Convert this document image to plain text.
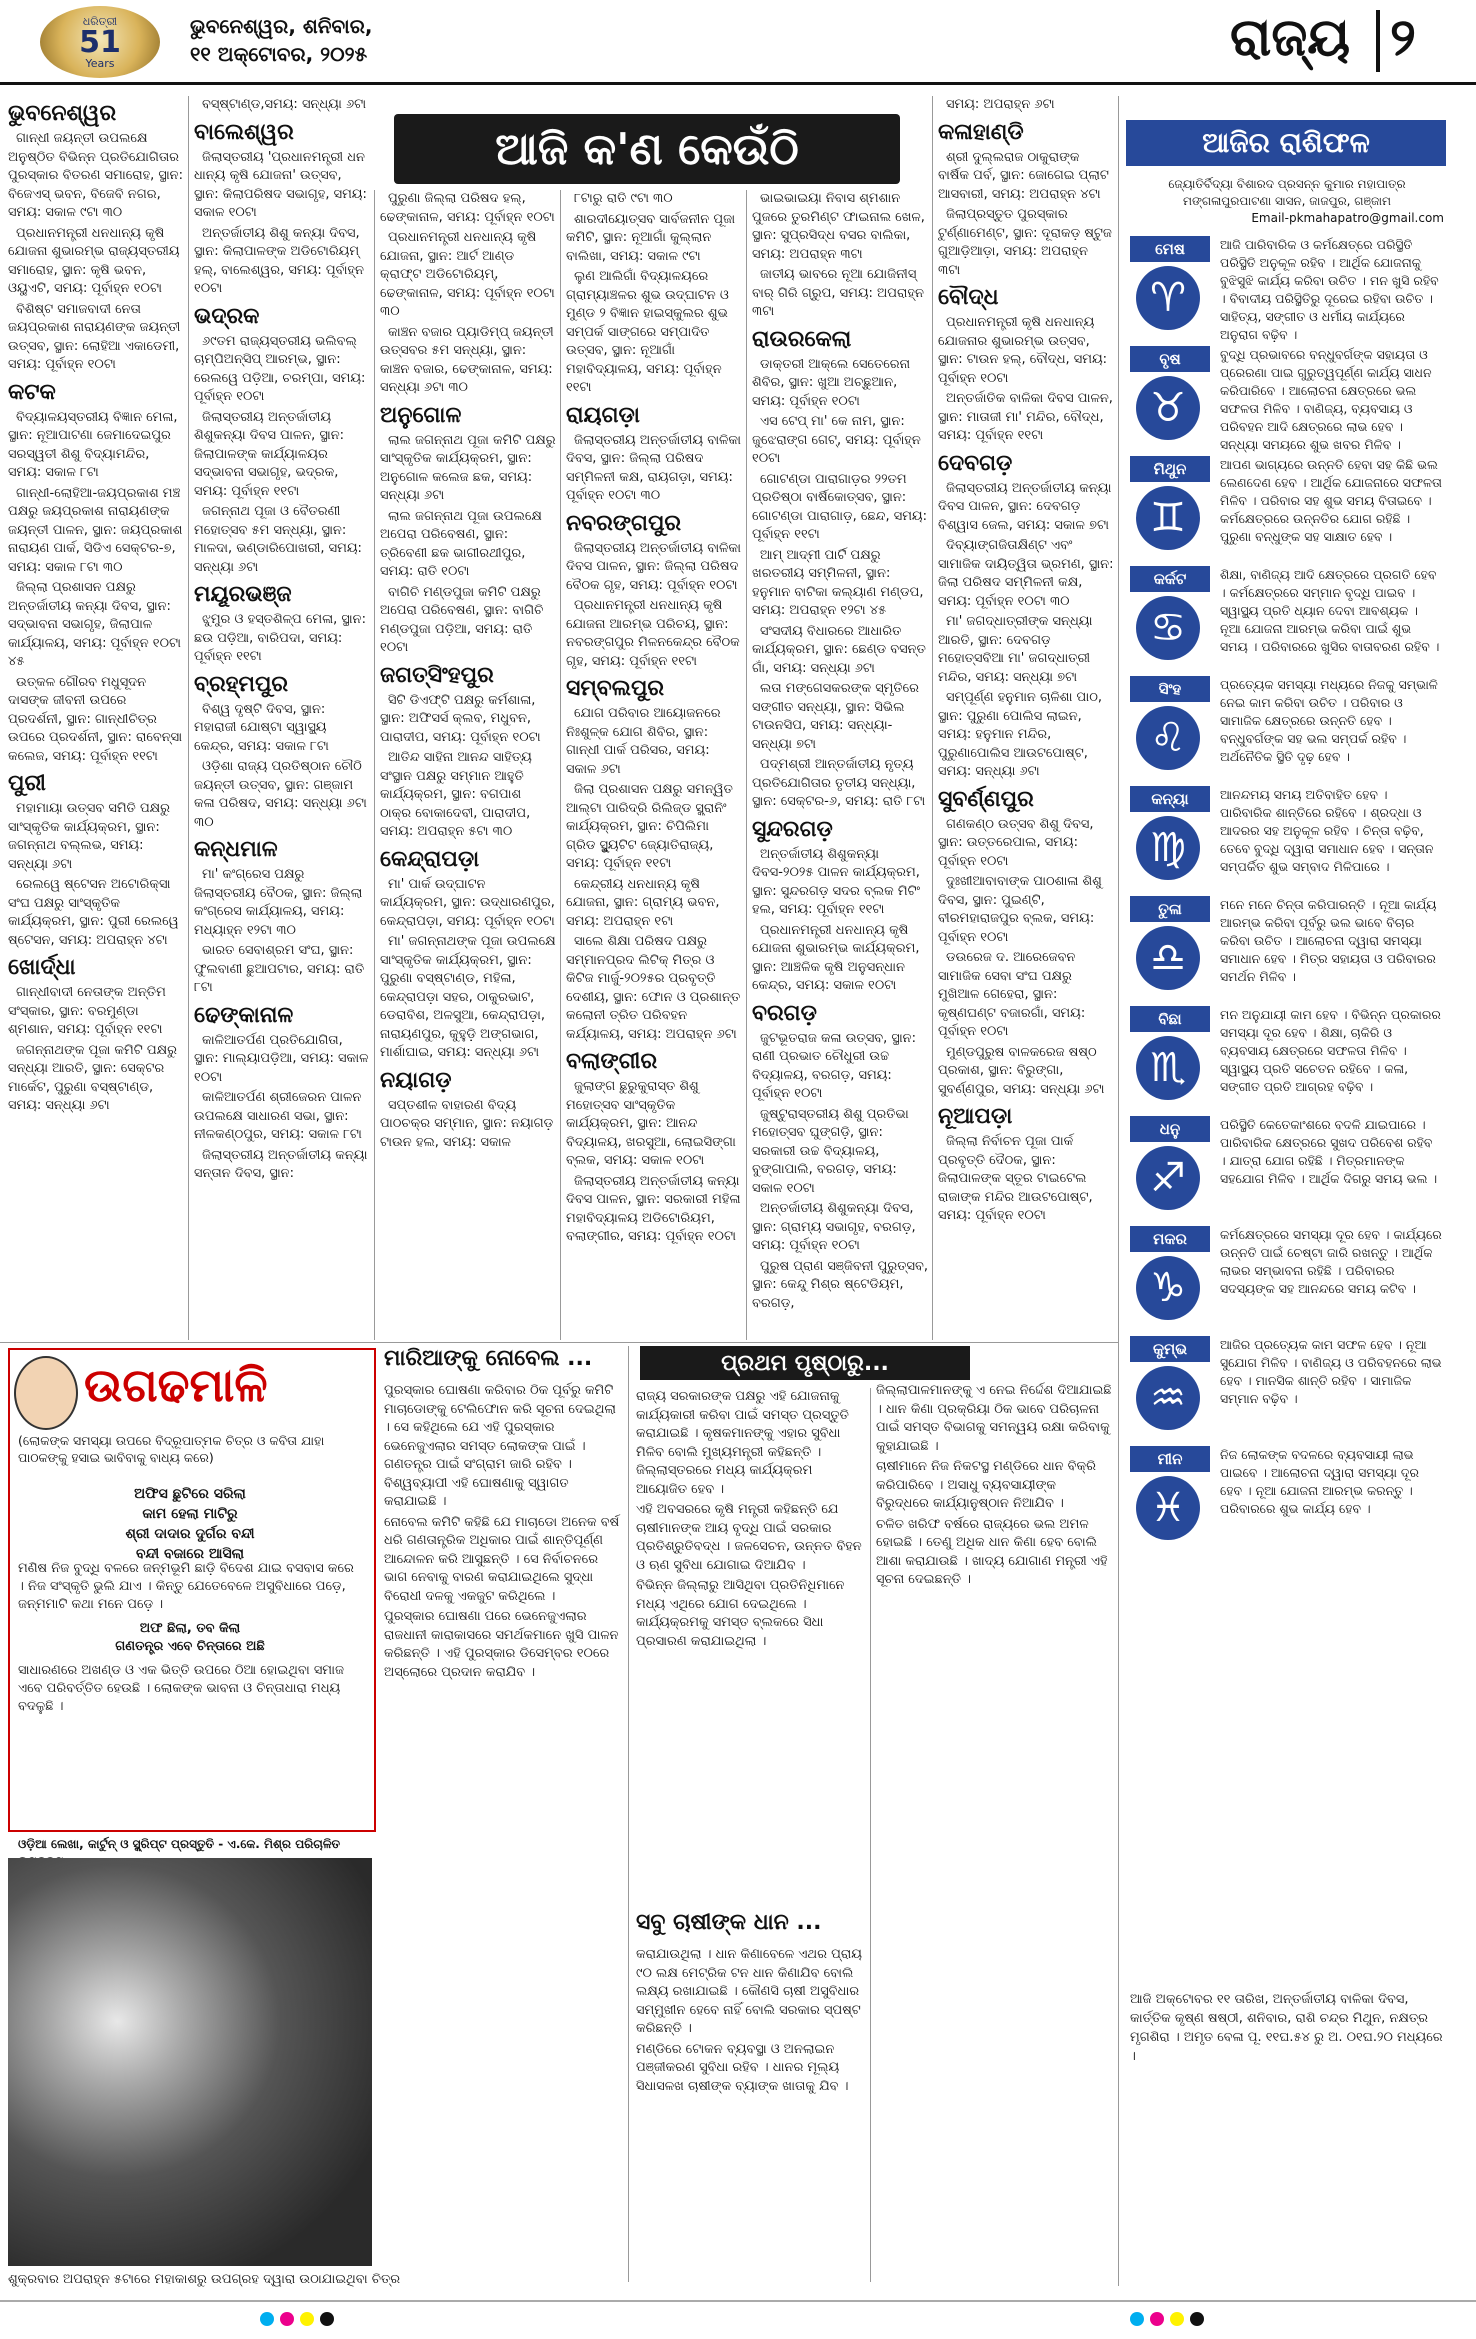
ଧରିତ୍ରୀ
51
Years
ଭୁବନେଶ୍ୱର, ଶନିବାର,
୧୧ ଅକ୍ଟୋବର, ୨୦୨୫	ରାଜ୍ୟ ୨
ଆଜି କ'ଣ କେଉଁଠି
ଭୁବନେଶ୍ୱର

ଗାନ୍ଧୀ ଜୟନ୍ତୀ ଉପଲକ୍ଷେ ଅନୁଷ୍ଠିତ ବିଭିନ୍ନ ପ୍ରତିଯୋଗିତାର ପୁରସ୍କାର ବିତରଣ ସମାରୋହ, ସ୍ଥାନ: ବିଜେଏସ୍ ଭବନ, ବିଜେବି ନଗର, ସମୟ: ସକାଳ ୯ଟା ୩୦

ପ୍ରଧାନମନ୍ତ୍ରୀ ଧନଧାନ୍ୟ କୃଷି ଯୋଜନା ଶୁଭାରମ୍ଭ ରାଜ୍ୟସ୍ତରୀୟ ସମାରୋହ, ସ୍ଥାନ: କୃଷି ଭବନ, ଓୟୁଏଟି, ସମୟ: ପୂର୍ବାହ୍ନ ୧୦ଟା

ବିଶିଷ୍ଟ ସମାଜବାଦୀ ନେତା ଜୟପ୍ରକାଶ ନାରାୟଣଙ୍କ ଜୟନ୍ତୀ ଉତ୍ସବ, ସ୍ଥାନ: ଲୋହିଆ ଏକାଡେମୀ, ସମୟ: ପୂର୍ବାହ୍ନ ୧୦ଟା

କଟକ

ବିଦ୍ୟାଳୟସ୍ତରୀୟ ବିଜ୍ଞାନ ମେଳା, ସ୍ଥାନ: ନୂଆପାଟଣା ଜେମାଦେଇପୁର ସରସ୍ୱତୀ ଶିଶୁ ବିଦ୍ୟାମନ୍ଦିର, ସମୟ: ସକାଳ ୮ଟା

ଗାନ୍ଧୀ-ଲୋହିଆ-ଜୟପ୍ରକାଶ ମଞ୍ଚ ପକ୍ଷରୁ ଜୟପ୍ରକାଶ ନାରାୟଣଙ୍କ ଜୟନ୍ତୀ ପାଳନ, ସ୍ଥାନ: ଜୟପ୍ରକାଶ ନାରାୟଣ ପାର୍କ, ସିଡିଏ ସେକ୍ଟର-୭, ସମୟ: ସକାଳ ୮ଟା ୩୦

ଜିଲ୍ଲା ପ୍ରଶାସନ ପକ୍ଷରୁ ଅନ୍ତର୍ଜାତୀୟ କନ୍ୟା ଦିବସ, ସ୍ଥାନ: ସଦ୍ଭାବନା ସଭାଗୃହ, ଜିଲାପାଳ କାର୍ଯ୍ୟାଳୟ, ସମୟ: ପୂର୍ବାହ୍ନ ୧୦ଟା ୪୫

ଉତ୍କଳ ଗୌରବ ମଧୁସୂଦନ ଦାସଙ୍କ ଜୀବନୀ ଉପରେ ପ୍ରଦର୍ଶନୀ, ସ୍ଥାନ: ଗାନ୍ଧୀଚିତ୍ର ଉପରେ ପ୍ରଦର୍ଶନୀ, ସ୍ଥାନ: ରାବେନ୍ସା କଲେଜ, ସମୟ: ପୂର୍ବାହ୍ନ ୧୧ଟା

ପୁରୀ

ମହାମାୟା ଉତ୍ସବ ସମିତି ପକ୍ଷରୁ ସାଂସ୍କୃତିକ କାର୍ଯ୍ୟକ୍ରମ, ସ୍ଥାନ: ଜଗନ୍ନାଥ ବଲ୍ଲଭ, ସମୟ: ସନ୍ଧ୍ୟା ୬ଟା

ରେଲୱେ ଷ୍ଟେସନ ଅଟୋରିକ୍ସା ସଂଘ ପକ୍ଷରୁ ସାଂସ୍କୃତିକ କାର୍ଯ୍ୟକ୍ରମ, ସ୍ଥାନ: ପୁରୀ ରେଲୱେ ଷ୍ଟେସନ, ସମୟ: ଅପରାହ୍ନ ୪ଟା

ଖୋର୍ଦ୍ଧା

ଗାନ୍ଧୀବାଦୀ ନେତାଙ୍କ ଅନ୍ତିମ ସଂସ୍କାର, ସ୍ଥାନ: ବରମୁଣ୍ଡା ଶ୍ମଶାନ, ସମୟ: ପୂର୍ବାହ୍ନ ୧୧ଟା

ଜଗନ୍ନାଥଙ୍କ ପୂଜା କମିଟି ପକ୍ଷରୁ ସନ୍ଧ୍ୟା ଆରତି, ସ୍ଥାନ: ସେକ୍ଟର ମାର୍କେଟ, ପୁରୁଣା ବସ୍‌ଷ୍ଟାଣ୍ଡ, ସମୟ: ସନ୍ଧ୍ୟା ୬ଟା

ବସ୍‌ଷ୍ଟାଣ୍ଡ,ସମୟ: ସନ୍ଧ୍ୟା ୬ଟା

ବାଲେଶ୍ୱର

ଜିଲାସ୍ତରୀୟ 'ପ୍ରଧାନମନ୍ତ୍ରୀ ଧନ ଧାନ୍ୟ କୃଷି ଯୋଜନା' ଉତ୍ସବ, ସ୍ଥାନ: କିଲାପରିଷଦ ସଭାଗୃହ, ସମୟ: ସକାଳ ୧୦ଟା

ଅନ୍ତର୍ଜାତୀୟ ଶିଶୁ କନ୍ୟା ଦିବସ, ସ୍ଥାନ: କିଲାପାଳଙ୍କ ଅଡିଟୋରିୟମ୍ ହଲ୍, ବାଲେଶ୍ୱର, ସମୟ: ପୂର୍ବାହ୍ନ ୧୦ଟା

ଭଦ୍ରକ

୬୯ତମ ରାଜ୍ୟସ୍ତରୀୟ ଭଲିବଲ୍ ଚାମ୍ପିଅନ୍‌ସିପ୍ ଆରମ୍ଭ, ସ୍ଥାନ: ରେଲୱେ ପଡ଼ିଆ, ଚରମ୍ପା, ସମୟ: ପୂର୍ବାହ୍ନ ୧୦ଟା

ଜିଲାସ୍ତରୀୟ ଅନ୍ତର୍ଜାତୀୟ ଶିଶୁକନ୍ୟା ଦିବସ ପାଳନ, ସ୍ଥାନ: ଜିଲାପାଳଙ୍କ କାର୍ଯ୍ୟାଳୟର ସଦ୍ଭାବନା ସଭାଗୃହ, ଭଦ୍ରକ, ସମୟ: ପୂର୍ବାହ୍ନ ୧୧ଟା

ଜଗନ୍ନାଥ ପୂଜା ଓ ବୈତରଣୀ ମହୋତ୍ସବ ୫ମ ସନ୍ଧ୍ୟା, ସ୍ଥାନ: ମାଳଦା, ଭଣ୍ଡାରିପୋଖରୀ, ସମୟ: ସନ୍ଧ୍ୟା ୬ଟା

ମୟୂରଭଞ୍ଜ

ଝୁମୁର ଓ ହସ୍ତଶିଳ୍ପ ମେଳା, ସ୍ଥାନ: ଛଉ ପଡ଼ିଆ, ବାରିପଦା, ସମୟ: ପୂର୍ବାହ୍ନ ୧୧ଟା

ବ୍ରହ୍ମପୁର

ବିଶ୍ୱ ଦୃଷ୍ଟି ଦିବସ, ସ୍ଥାନ: ମହାରାଜୀ ଯୋଷ୍ଟା ସ୍ୱାସ୍ଥ୍ୟ କେନ୍ଦ୍ର, ସମୟ: ସକାଳ ୮ଟା

ଓଡ଼ିଶା ରାଜ୍ୟ ପ୍ରତିଷ୍ଠାନ ଚୌଠି ଜୟନ୍ତୀ ଉତ୍ସବ, ସ୍ଥାନ: ଗଞ୍ଜାମ କଳା ପରିଷଦ, ସମୟ: ସନ୍ଧ୍ୟା ୬ଟା ୩୦

କନ୍ଧମାଳ

ମା' କଂଗ୍ରେସ ପକ୍ଷରୁ ଜିଲାସ୍ତରୀୟ ବୈଠକ, ସ୍ଥାନ: ଜିଲ୍ଲା କଂଗ୍ରେସ କାର୍ଯ୍ୟାଳୟ, ସମୟ: ମଧ୍ୟାହ୍ନ ୧୨ଟା ୩୦

ଭାରତ ସେବାଶ୍ରମ ସଂଘ, ସ୍ଥାନ: ଫୁଲବାଣୀ ଛୁଆପଟାର, ସମୟ: ରାତି ୮ଟା

ଢେଙ୍କାନାଳ

କାଳିଆତର୍ପଣ ପ୍ରତିଯୋଗିତା, ସ୍ଥାନ: ମାଲ୍ୟାପଡ଼ିଆ, ସମୟ: ସକାଳ ୧୦ଟା

କାଳିଆତର୍ପଣ ଶ୍ରୀଜେରନ ପାଳନ ଉପଲକ୍ଷେ ସାଧାରଣ ସଭା, ସ୍ଥାନ: ନୀଳକଣ୍ଠପୁର, ସମୟ: ସକାଳ ୮ଟା

ଜିଲାସ୍ତରୀୟ ଅନ୍ତର୍ଜାତୀୟ କନ୍ୟା ସନ୍ତାନ ଦିବସ, ସ୍ଥାନ:

ପୁରୁଣା ଜିଲ୍ଲା ପରିଷଦ ହଲ୍, ଢେଙ୍କାନାଳ, ସମୟ: ପୂର୍ବାହ୍ନ ୧୦ଟା

ପ୍ରଧାନମନ୍ତ୍ରୀ ଧନଧାନ୍ୟ କୃଷି ଯୋଜନା, ସ୍ଥାନ: ଆର୍ଟ ଆଣ୍ଡ କ୍ରାଫ୍ଟ ଅଡିଟୋରିୟମ୍, ଢେଙ୍କାନାଳ, ସମୟ: ପୂର୍ବାହ୍ନ ୧୦ଟା ୩୦

କାଞ୍ଚନ ବଜାର ପ୍ୟାଡିମ୍ପ୍ ଜୟନ୍ତୀ ଉତ୍ସବର ୫ମ ସନ୍ଧ୍ୟା, ସ୍ଥାନ: କାଞ୍ଚନ ବଜାର, ଢେଙ୍କାନାଳ, ସମୟ: ସନ୍ଧ୍ୟା ୬ଟା ୩୦

ଅନୁଗୋଳ

ଲାଲ ଜଗନ୍ନାଥ ପୂଜା କମିଟି ପକ୍ଷରୁ ସାଂସ୍କୃତିକ କାର୍ଯ୍ୟକ୍ରମ, ସ୍ଥାନ: ଅନୁଗୋଳ କଲେଜ ଛକ, ସମୟ: ସନ୍ଧ୍ୟା ୬ଟା

ଲାଲ ଜଗନ୍ନାଥ ପୂଜା ଉପଲକ୍ଷେ ଅପେରା ପରିବେଷଣ, ସ୍ଥାନ: ତ୍ରିବେଣୀ ଛକ ଭାଗୀରଥୀପୁର, ସମୟ: ରାତି ୧୦ଟା

ବାଗିଚି ମଣ୍ଡପୁଜା କମିଟି ପକ୍ଷରୁ ଅପେରା ପରିବେଷଣ, ସ୍ଥାନ: ବାଗିଚି ମଣ୍ଡପୁଜା ପଡ଼ିଆ, ସମୟ: ରାତି ୧୦ଟା

ଜଗତ୍‌ସିଂହପୁର

ସିଟି ଡିଏଫ୍ଟି ପକ୍ଷରୁ କର୍ମଶାଳା, ସ୍ଥାନ: ଅଫିସର୍ସ କ୍ଲବ, ମଧୁବନ, ପାରାଦୀପ, ସମୟ: ପୂର୍ବାହ୍ନ ୧୦ଟା

ଆତିନ୍ଦ ସାହିନା ଆନନ୍ଦ ସାହିତ୍ୟ ସଂସ୍ଥାନ ପକ୍ଷରୁ ସମ୍ମାନ ଆହୁତି କାର୍ଯ୍ୟକ୍ରମ, ସ୍ଥାନ: ବଗପାଶ ଠାକ୍ର ବୋକାଦେବୀ, ପାରାଦୀପ, ସମୟ: ଅପରାହ୍ନ ୫ଟା ୩୦

କେନ୍ଦ୍ରାପଡ଼ା

ମା' ପାର୍କ ଉଦ୍‌ଘାଟନ କାର୍ଯ୍ୟକ୍ରମ, ସ୍ଥାନ: ଉଦ୍ଧାରଣପୁର, କେନ୍ଦ୍ରାପଡ଼ା, ସମୟ: ପୂର୍ବାହ୍ନ ୧୦ଟା

ମା' ଜଗନ୍ନାଥଙ୍କ ପୂଜା ଉପଲକ୍ଷେ ସାଂସ୍କୃତିକ କାର୍ଯ୍ୟକ୍ରମ, ସ୍ଥାନ: ପୁରୁଣା ବସ୍‌ଷ୍ଟାଣ୍ଡ, ମହିଳା, କେନ୍ଦ୍ରାପଡ଼ା ସହର, ଠାକୁରଭାଟ, ଡେରାବିଶ, ଅଳସୁଆ, କେନ୍ଦ୍ରାପଡ଼ା, ନାରାୟଣପୁର, କୁହୁଡ଼ି ଅଙ୍ଗଭାଗ, ମାର୍ଶାଘାଇ, ସମୟ: ସନ୍ଧ୍ୟା ୬ଟା

ନୟାଗଡ଼

ସପ୍ତଶୀଳ ବାହାରଣ ବିଦ୍ୟ ପାଠଚକ୍ର ସମ୍ମାନ, ସ୍ଥାନ: ନୟାଗଡ଼ ଟାଉନ ହଲ, ସମୟ: ସକାଳ

୮ଟାରୁ ରାତି ୯ଟା ୩୦

ଶାରଦୀୟୋତ୍ସବ ସାର୍ବଜନୀନ ପୂଜା କମିଟି, ସ୍ଥାନ: ନୂଆଗାଁ କୁଲ୍ଲାନ ବାଲିଖା, ସମୟ: ସକାଳ ୯ଟା

ଲୁଣ ଆଲିଗାଁ ବିଦ୍ୟାଳୟରେ ଗ୍ରାମ୍ୟାଞ୍ଚଳର ଶୁଭ ଉଦ୍‌ଘାଟନ ଓ ମୁଣ୍ଡ ୨ ବିଜ୍ଞାନ ହାଇସ୍କୁଲର ଶୁଭ ସମ୍ପର୍କ ସାଙ୍ଗରେ ସମ୍ପାଦିତ ଉତ୍ସବ, ସ୍ଥାନ: ନୂଆଗାଁ ମହାବିଦ୍ୟାଳୟ, ସମୟ: ପୂର୍ବାହ୍ନ ୧୧ଟା

ରାୟଗଡ଼ା

ଜିଲାସ୍ତରୀୟ ଅନ୍ତର୍ଜାତୀୟ ବାଳିକା ଦିବସ, ସ୍ଥାନ: ଜିଲ୍ଲା ପରିଷଦ ସମ୍ମିଳନୀ କକ୍ଷ, ରାୟଗଡ଼ା, ସମୟ: ପୂର୍ବାହ୍ନ ୧୦ଟା ୩୦

ନବରଙ୍ଗପୁର

ଜିଲାସ୍ତରୀୟ ଅନ୍ତର୍ଜାତୀୟ ବାଳିକା ଦିବସ ପାଳନ, ସ୍ଥାନ: ଜିଲ୍ଲା ପରିଷଦ ବୈଠକ ଗୃହ, ସମୟ: ପୂର୍ବାହ୍ନ ୧୦ଟା

ପ୍ରଧାନମନ୍ତ୍ରୀ ଧନଧାନ୍ୟ କୃଷି ଯୋଜନା ଆରମ୍ଭ ପରିଚୟ, ସ୍ଥାନ: ନବରଙ୍ଗପୁର ମିଳନକେନ୍ଦ୍ର ବୈଠକ ଗୃହ, ସମୟ: ପୂର୍ବାହ୍ନ ୧୧ଟା

ସମ୍ବଲପୁର

ଯୋଗ ପରିବାର ଆୟୋଜନରେ ନିଃଶୁଳ୍କ ଯୋଗ ଶିବିର, ସ୍ଥାନ: ଗାନ୍ଧୀ ପାର୍କ ପରିସର, ସମୟ: ସକାଳ ୬ଟା

ଜିଲା ପ୍ରଶାସନ ପକ୍ଷରୁ ସମନ୍ୱିତ ଆଲ୍‌ଟା ପାରିଦ୍ରି ରିଲିଜ୍ଡ ସ୍କ୍ରାନିଂ କାର୍ଯ୍ୟକ୍ରମ, ସ୍ଥାନ: ଚିପିଲିମା ଗ୍ରିଡ ସ୍ଥ୍ୟୁଟିଟ ଜ୍ୟୋତିରାଜ୍ୟ, ସମୟ: ପୂର୍ବାହ୍ନ ୧୧ଟା

କେନ୍ଦ୍ରୀୟ ଧନଧାନ୍ୟ କୃଷି ଯୋଜନା, ସ୍ଥାନ: ଗ୍ରାମ୍ୟ ଭବନ, ସମୟ: ଅପରାହ୍ନ ୧ଟା

ସାଲେ ଶିକ୍ଷା ପରିଷଦ ପକ୍ଷରୁ ସମ୍ମାନପ୍ରଦ ଲିଟିକ୍ ମିତ୍ର ଓ କିଟିଜ ମାର୍ଜୁ-୨୦୨୫ର ପ୍ରବୃତ୍ତି ଦେଶୀୟ, ସ୍ଥାନ: ଫୋନ ଓ ପ୍ରଶାନ୍ତ କଲୋନୀ ତ୍ରିତ ପରିବହନ କର୍ଯ୍ୟାଳୟ, ସମୟ: ଅପରାହ୍ନ ୬ଟା

ବଲାଙ୍ଗୀର

ଜୁଲାଙ୍ଗ ଛୁରୁକୁରାସ୍ତ ଶିଶୁ ମହୋତ୍ସବ ସାଂସ୍କୃତିକ କାର୍ଯ୍ୟକ୍ରମ, ସ୍ଥାନ: ଆନନ୍ଦ ବିଦ୍ୟାଳୟ, ଖରସୁଆ, ଲୋଇସିଙ୍ଗା ବ୍ଲକ, ସମୟ: ସକାଳ ୧୦ଟା

ଜିଲାସ୍ତରୀୟ ଅନ୍ତର୍ଜାତୀୟ କନ୍ୟା ଦିବସ ପାଳନ, ସ୍ଥାନ: ସରକାରୀ ମହିଳା ମହାବିଦ୍ୟାଳୟ ଅଡିଟୋରିୟମ, ବଲାଙ୍ଗୀର, ସମୟ: ପୂର୍ବାହ୍ନ ୧୦ଟା

ଭାଇଭାଇୟା ନିବାସ ଶ୍ମଶାନ ପୁଜରେ ତୁରମିଣ୍ଟ ଫାଇନାଲ ଖେଳ, ସ୍ଥାନ: ସୁପ୍ରସିଦ୍ଧ ବସର ବାଲିକା, ସମୟ: ଅପରାହ୍ନ ୩ଟା

ଜାତୀୟ ଭାବରେ ନୂଆ ଯୋଜିନୀସ୍ ବାର୍ ଗିରି ଗ୍ରୁପ, ସମୟ: ଅପରାହ୍ନ ୩ଟା

ରାଉରକେଲା

ଡାକ୍ତରୀ ଆକ୍ଲେ ସେତେରେନା ଶିବିର, ସ୍ଥାନ: ଖୁଆ ଅଚ୍ଛୁଆନ, ସମୟ: ପୂର୍ବାହ୍ନ ୧୦ଟା

ଏସ ଟେପ୍ ମା' କେ ନାମ, ସ୍ଥାନ: ଜୁଝେରାଙ୍ଗ ଗେଟ୍, ସମୟ: ପୂର୍ବାହ୍ନ ୧୦ଟା

ଗୋଟଣ୍ଡା ପାରାଗାଡ଼ର ୨୨ତମ ପ୍ରତିଷ୍ଠା ବାର୍ଷିକୋତ୍ସବ, ସ୍ଥାନ: ଗୋଟଣ୍ଡା ପାରାଗାଡ଼, ଛେନ୍ଦ, ସମୟ: ପୂର୍ବାହ୍ନ ୧୧ଟା

ଆମ୍ ଆଦ୍‌ମୀ ପାର୍ଟି ପକ୍ଷରୁ ଖରତରୀୟ ସମ୍ମିଳନୀ, ସ୍ଥାନ: ହନୁମାନ ବାଟିକା କଲ୍ୟାଣ ମଣ୍ଡପ, ସମୟ: ଅପରାହ୍ନ ୧୨ଟା ୪୫

ସଂସଦୀୟ ବିଧାରରେ ଆଧାରିତ କାର୍ଯ୍ୟକ୍ରମ, ସ୍ଥାନ: ଛେଣ୍ଡ ବସନ୍ତ ଗାଁ, ସମୟ: ସନ୍ଧ୍ୟା ୬ଟା

ଲତା ମଙ୍ଗେସକରଙ୍କ ସ୍ମୃତିରେ ସଙ୍ଗୀତ ସନ୍ଧ୍ୟା, ସ୍ଥାନ: ସିଭିଲ ଟାଉନସିପ, ସମୟ: ସନ୍ଧ୍ୟା-ସନ୍ଧ୍ୟା ୭ଟା

ପଦ୍ମଶ୍ରୀ ଆନ୍ତର୍ଜାତୀୟ ନୃତ୍ୟ ପ୍ରତିଯୋଗିତାର ତୃତୀୟ ସନ୍ଧ୍ୟା, ସ୍ଥାନ: ସେକ୍ଟର-୬, ସମୟ: ରାତି ୮ଟା

ସୁନ୍ଦରଗଡ଼

ଅନ୍ତର୍ଜାତୀୟ ଶିଶୁକନ୍ୟା ଦିବସ-୨୦୨୫ ପାଳନ କାର୍ଯ୍ୟକ୍ରମ, ସ୍ଥାନ: ସୁନ୍ଦରଗଡ଼ ସଦର ବ୍ଲକ ମିଟିଂ ହଲ, ସମୟ: ପୂର୍ବାହ୍ନ ୧୧ଟା

ପ୍ରଧାନମନ୍ତ୍ରୀ ଧନଧାନ୍ୟ କୃଷି ଯୋଜନା ଶୁଭାରମ୍ଭ କାର୍ଯ୍ୟକ୍ରମ, ସ୍ଥାନ: ଆଞ୍ଚଳିକ କୃଷି ଅନୁସନ୍ଧାନ କେନ୍ଦ୍ର, ସମୟ: ସକାଳ ୧୦ଟା

ବରଗଡ଼

ଜୁଟଭୂତରାଜ କଳା ଉତ୍ସବ, ସ୍ଥାନ: ରାଣୀ ପ୍ରଭାତ ଚୌଧୁରୀ ଉଚ୍ଚ ବିଦ୍ୟାଳୟ, ବରଗଡ଼, ସମୟ: ପୂର୍ବାହ୍ନ ୧୦ଟା

ଜୁଷ୍ଟୁରାସ୍ତରୀୟ ଶିଶୁ ପ୍ରତିଭା ମହୋତ୍ସବ ଘୁଙ୍ଗଡ଼ି, ସ୍ଥାନ: ସରକାରୀ ଉଚ୍ଚ ବିଦ୍ୟାଳୟ, ବୁଙ୍ଗାପାଲି, ବରଗଡ଼, ସମୟ: ସକାଳ ୧୦ଟା

ଅନ୍ତର୍ଜାତୀୟ ଶିଶୁକନ୍ୟା ଦିବସ, ସ୍ଥାନ: ଗ୍ରାମ୍ୟ ସଭାଗୃହ, ବରଗଡ଼, ସମୟ: ପୂର୍ବାହ୍ନ ୧୦ଟା

ପୁରୁଷ ପ୍ରାଣ ସଞ୍ଜିବନୀ ପୁରୁତ୍ସବ, ସ୍ଥାନ: କେନ୍ଦୁ ମିଶ୍ର ଷ୍ଟେଡିୟମ, ବରଗଡ଼,

ସମୟ: ଅପରାହ୍ନ ୬ଟା

କଳାହାଣ୍ଡି

ଶ୍ରୀ ଦୁଲ୍ଲରାଜ ଠାକୁରାଙ୍କ ବାର୍ଷିକ ପର୍ବ, ସ୍ଥାନ: ଜୋଗେଇ ପ୍ଲାଟ ଆସବାରୀ, ସମୟ: ଅପରାହ୍ନ ୪ଟା

ଜିଲାପ୍ରସ୍ତୁତ ପୁରସ୍କାର ଟୁର୍ଣ୍ଣାମେଣ୍ଟ, ସ୍ଥାନ: ଦୂରାକଡ଼ ଷ୍ଟୁଜ ଗୁଆଡ଼ିଆଡ଼ା, ସମୟ: ଅପରାହ୍ନ ୩ଟା

ବୌଦ୍ଧ

ପ୍ରଧାନମନ୍ତ୍ରୀ କୃଷି ଧନଧାନ୍ୟ ଯୋଜନାର ଶୁଭାରମ୍ଭ ଉତ୍ସବ, ସ୍ଥାନ: ଟାଉନ ହଲ୍, ବୌଦ୍ଧ, ସମୟ: ପୂର୍ବାହ୍ନ ୧୦ଟା

ଅନ୍ତର୍ଜାତିକ ବାଳିକା ଦିବସ ପାଳନ, ସ୍ଥାନ: ମାତାଜୀ ମା' ମନ୍ଦିର, ବୌଦ୍ଧ, ସମୟ: ପୂର୍ବାହ୍ନ ୧୧ଟା

ଦେବଗଡ଼

ଜିଲାସ୍ତରୀୟ ଅନ୍ତର୍ଜାତୀୟ କନ୍ୟା ଦିବସ ପାଳନ, ସ୍ଥାନ: ଦେବଗଡ଼ ବିଶ୍ୱାସ ଜେଲ, ସମୟ: ସକାଳ ୭ଟା

ଦିବ୍ୟାଙ୍ଗଜିତାକ୍ଷିଣ୍ଟ ଏବଂ ସାମାଜିକ ଦାୟିତ୍ୱିତା ଭ୍ରମଣ, ସ୍ଥାନ: ଜିଲା ପରିଷଦ ସମ୍ମିଳନୀ କକ୍ଷ, ସମୟ: ପୂର୍ବାହ୍ନ ୧୦ଟା ୩୦

ମା' ଜଗଦ୍ଧାତ୍ରୀଙ୍କ ସନ୍ଧ୍ୟା ଆରତି, ସ୍ଥାନ: ଦେବଗଡ଼ ମହୋତ୍ସବିଆ ମା' ଜଗଦ୍ଧାତ୍ରୀ ମନ୍ଦିର, ସମୟ: ସନ୍ଧ୍ୟା ୭ଟା

ସମ୍ପୂର୍ଣ୍ଣ ହନୁମାନ ଚାଳିଶା ପାଠ, ସ୍ଥାନ: ପୁରୁଣା ପୋଲିସ ଲାଇନ, ସମୟ: ହନୁମାନ ମନ୍ଦିର, ପୁରୁଣାପୋଲିସ ଆଉଟପୋଷ୍ଟ, ସମୟ: ସନ୍ଧ୍ୟା ୬ଟା

ସୁବର୍ଣ୍ଣପୁର

ଗଣକଣ୍ଠ ଉତ୍ସବ ଶିଶୁ ଦିବସ, ସ୍ଥାନ: ଉତ୍ତରେପାଲ, ସମୟ: ପୂର୍ବାହ୍ନ ୧୦ଟା

ଦୁଃଖୀଆବାବାଙ୍କ ପାଠଶାଳା ଶିଶୁ ଦିବସ, ସ୍ଥାନ: ପୁଇଣ୍ଟି, ବୀରମହାରାଜପୁର ବ୍ଲକ, ସମୟ: ପୂର୍ବାହ୍ନ ୧୦ଟା

ଡଉରେଜ ଦ. ଆରେଜେବନ ସାମାଜିକ ସେବା ସଂଘ ପକ୍ଷରୁ ମୁଖିଆଳ ଗେହେରା, ସ୍ଥାନ: କୃଷ୍ଣଘଣ୍ଟ ବଜାରଗାଁ, ସମୟ: ପୂର୍ବାହ୍ନ ୧୦ଟା

ମୁଣ୍ଡପୁରୁଷ ବାଳକରେଜ ଷଷ୍ଠ ପ୍ରକାଶ, ସ୍ଥାନ: ବିରୁଙ୍ଗା, ସୁବର୍ଣ୍ଣପୁର, ସମୟ: ସନ୍ଧ୍ୟା ୬ଟା

ନୂଆପଡ଼ା

ଜିଲ୍ଲା ନିର୍ବାଚନ ପୂଜା ପାର୍କ ପ୍ରବୃତ୍ତି ଦୈଠକ, ସ୍ଥାନ: ଜିଲାପାଳଙ୍କ ସ୍ତୂର ଟାଇଟେଲ ରାଜାଙ୍କ ମନ୍ଦିର ଆଉଟପୋଷ୍ଟ, ସମୟ: ପୂର୍ବାହ୍ନ ୧୦ଟା

ଆଜିର ରାଶିଫଳ
ଜ୍ୟୋତିର୍ବିଦ୍ୟା ବିଶାରଦ ପ୍ରସନ୍ନ କୁମାର ମହାପାତ୍ର
ମଙ୍ଗଳାପୁରପାଟଣା ସାସନ, ଜାଜପୁର, ଗଞ୍ଜାମ
Email-pkmahapatro@gmail.com
ମେଷ
♈
ଆଜି ପାରିବାରିକ ଓ କର୍ମକ୍ଷେତ୍ରେ ପରିସ୍ଥିତି ପରିସ୍ଥିତି ଅନୁକୂଳ ରହିବ । ଆର୍ଥିକ ଯୋଜନାକୁ ବୁଝିସୁଝି କାର୍ଯ୍ୟ କରିବା ଉଚିତ । ମନ ଖୁସି ରହିବ । ବିବାଦୀୟ ପରିସ୍ଥିତିରୁ ଦୂରେଇ ରହିବା ଉଚିତ । ସାହିତ୍ୟ, ସଙ୍ଗୀତ ଓ ଧର୍ମୀୟ କାର୍ଯ୍ୟରେ ଅନୁରାଗ ବଢ଼ିବ ।
ବୃଷ
♉
ବୁଦ୍ଧି ପ୍ରଭାବରେ ବନ୍ଧୁବର୍ଗଙ୍କ ସହାୟତା ଓ ପ୍ରେରଣା ପାଇ ଗୁରୁତ୍ୱପୂର୍ଣ୍ଣ କାର୍ଯ୍ୟ ସାଧନ କରିପାରିବେ । ଆଲୋଚନା କ୍ଷେତ୍ରରେ ଭଲ ସଫଳତା ମିଳିବ । ବାଣିଜ୍ୟ, ବ୍ୟବସାୟ ଓ ପରିବହନ ଆଦି କ୍ଷେତ୍ରରେ ଲାଭ ହେବ । ସନ୍ଧ୍ୟା ସମୟରେ ଶୁଭ ଖବର ମିଳିବ ।
ମିଥୁନ
♊
ଆପଣ ଭାଗ୍ୟରେ ଉନ୍ନତି ହେବା ସହ କିଛି ଭଲ ଲେଣଦେଣ ହେବ । ଆର୍ଥିକ ଯୋଜନାରେ ସଫଳତା ମିଳିବ । ପରିବାର ସହ ଶୁଭ ସମୟ ବିତାଇବେ । କର୍ମକ୍ଷେତ୍ରରେ ଉନ୍ନତିର ଯୋଗ ରହିଛି । ପୁରୁଣା ବନ୍ଧୁଙ୍କ ସହ ସାକ୍ଷାତ ହେବ ।
କର୍କଟ
♋
ଶିକ୍ଷା, ବାଣିଜ୍ୟ ଆଦି କ୍ଷେତ୍ରରେ ପ୍ରଗତି ହେବ । କର୍ମକ୍ଷେତ୍ରରେ ସମ୍ମାନ ବୃଦ୍ଧି ପାଇବ । ସ୍ୱାସ୍ଥ୍ୟ ପ୍ରତି ଧ୍ୟାନ ଦେବା ଆବଶ୍ୟକ । ନୂଆ ଯୋଜନା ଆରମ୍ଭ କରିବା ପାଇଁ ଶୁଭ ସମୟ । ପରିବାରରେ ଖୁସିର ବାତାବରଣ ରହିବ ।
ସିଂହ
♌
ପ୍ରତ୍ୟେକ ସମସ୍ୟା ମଧ୍ୟରେ ନିଜକୁ ସମ୍ଭାଳି ନେଇ କାମ କରିବା ଉଚିତ । ପରିବାର ଓ ସାମାଜିକ କ୍ଷେତ୍ରରେ ଉନ୍ନତି ହେବ । ବନ୍ଧୁବର୍ଗଙ୍କ ସହ ଭଲ ସମ୍ପର୍କ ରହିବ । ଅର୍ଥନୈତିକ ସ୍ଥିତି ଦୃଢ଼ ହେବ ।
କନ୍ୟା
♍
ଆନନ୍ଦମୟ ସମୟ ଅତିବାହିତ ହେବ । ପାରିବାରିକ ଶାନ୍ତିରେ ରହିବେ । ଶ୍ରଦ୍ଧା ଓ ଆଦରର ସହ ଅନୁକୂଳ ରହିବ । ଚିନ୍ତା ବଢ଼ିବ, ତେବେ ବୁଦ୍ଧି ଦ୍ୱାରା ସମାଧାନ ହେବ । ସନ୍ତାନ ସମ୍ପର୍କିତ ଶୁଭ ସମ୍ବାଦ ମିଳିପାରେ ।
ତୁଳା
♎
ମନେ ମନେ ଚିନ୍ତା କରିପାରନ୍ତି । ନୂଆ କାର୍ଯ୍ୟ ଆରମ୍ଭ କରିବା ପୂର୍ବରୁ ଭଲ ଭାବେ ବିଚାର କରିବା ଉଚିତ । ଆଲୋଚନା ଦ୍ୱାରା ସମସ୍ୟା ସମାଧାନ ହେବ । ମିତ୍ର ସହାୟତା ଓ ପରିବାରର ସମର୍ଥନ ମିଳିବ ।
ବିଛା
♏
ମନ ଅନୁଯାୟୀ କାମ ହେବ । ବିଭିନ୍ନ ପ୍ରକାରର ସମସ୍ୟା ଦୂର ହେବ । ଶିକ୍ଷା, ଚାକିରି ଓ ବ୍ୟବସାୟ କ୍ଷେତ୍ରରେ ସଫଳତା ମିଳିବ । ସ୍ୱାସ୍ଥ୍ୟ ପ୍ରତି ସଚେତନ ରହିବେ । କଳା, ସଙ୍ଗୀତ ପ୍ରତି ଆଗ୍ରହ ବଢ଼ିବ ।
ଧନୁ
♐
ପରିସ୍ଥିତି କେତେକାଂଶରେ ବଦଳି ଯାଇପାରେ । ପାରିବାରିକ କ୍ଷେତ୍ରରେ ସୁଖଦ ପରିବେଶ ରହିବ । ଯାତ୍ରା ଯୋଗ ରହିଛି । ମିତ୍ରମାନଙ୍କ ସହଯୋଗ ମିଳିବ । ଆର୍ଥିକ ଦିଗରୁ ସମୟ ଭଲ ।
ମକର
♑
କର୍ମକ୍ଷେତ୍ରରେ ସମସ୍ୟା ଦୂର ହେବ । କାର୍ଯ୍ୟରେ ଉନ୍ନତି ପାଇଁ ଚେଷ୍ଟା ଜାରି ରଖନ୍ତୁ । ଆର୍ଥିକ ଲାଭର ସମ୍ଭାବନା ରହିଛି । ପରିବାରର ସଦସ୍ୟଙ୍କ ସହ ଆନନ୍ଦରେ ସମୟ କଟିବ ।
କୁମ୍ଭ
♒
ଆଜିର ପ୍ରତ୍ୟେକ କାମ ସଫଳ ହେବ । ନୂଆ ସୁଯୋଗ ମିଳିବ । ବାଣିଜ୍ୟ ଓ ପରିବହନରେ ଲାଭ ହେବ । ମାନସିକ ଶାନ୍ତି ରହିବ । ସାମାଜିକ ସମ୍ମାନ ବଢ଼ିବ ।
ମୀନ
♓
ନିଜ ଲୋକଙ୍କ ବଦଳରେ ବ୍ୟବସାୟୀ ଲାଭ ପାଇବେ । ଆଲୋଚନା ଦ୍ୱାରା ସମସ୍ୟା ଦୂର ହେବ । ନୂଆ ଯୋଜନା ଆରମ୍ଭ କରନ୍ତୁ । ପରିବାରରେ ଶୁଭ କାର୍ଯ୍ୟ ହେବ ।
ଆଜି ଅକ୍ଟୋବର ୧୧ ତାରିଖ, ଅନ୍ତର୍ଜାତୀୟ ବାଳିକା ଦିବସ, କାର୍ତ୍ତିକ କୃଷ୍ଣ ଷଷ୍ଠୀ, ଶନିବାର, ରାଶି ଚନ୍ଦ୍ର ମିଥୁନ, ନକ୍ଷତ୍ର ମୃଗଶିରା । ଅମୃତ ବେଳା ପୂ. ୧୧ଘ.୫୪ ରୁ ଅ. ୦୧ଘ.୨୦ ମଧ୍ୟରେ ।
ଉଗଢମାଳି
(ଲୋକଙ୍କ ସମସ୍ୟା ଉପରେ ବିଦ୍ରୂପାତ୍ମକ ଚିତ୍ର ଓ କବିତା ଯାହା ପାଠକଙ୍କୁ ହସାଇ ଭାବିବାକୁ ବାଧ୍ୟ କରେ)
ଅଫିସ ଛୁଟିରେ ସରିଲା
କାମ ହେଲା ମାଟିରୁ
ଶ୍ରୀ ଦାଦାର ଦୁର୍ଗର ବନ୍ଦୀ
ବନ୍ଦୀ ବଜାରେ ଆସିଲା

ମଣିଷ ନିଜ ବୁଦ୍ଧି ବଳରେ ଜନ୍ମଭୂମି ଛାଡ଼ି ବିଦେଶ ଯାଇ ବସବାସ କରେ । ନିଜ ସଂସ୍କୃତି ଭୁଲି ଯାଏ । କିନ୍ତୁ ଯେତେବେଳେ ଅସୁବିଧାରେ ପଡ଼େ, ଜନ୍ମମାଟି କଥା ମନେ ପଡ଼େ ।

ଅଫ ଛିଲା, ତବ କିଲା
ଗଣତନ୍ତ୍ର ଏବେ ଚିନ୍ତାରେ ଅଛି

ସାଧାରଣରେ ଅଖଣ୍ଡ ଓ ଏକ ଭିତ୍ତି ଉପରେ ଠିଆ ହୋଇଥିବା ସମାଜ ଏବେ ପରିବର୍ତ୍ତିତ ହେଉଛି । ଲୋକଙ୍କ ଭାବନା ଓ ଚିନ୍ତାଧାରା ମଧ୍ୟ ବଦଳୁଛି ।

ଓଡ଼ିଆ ଲେଖା, କାର୍ଟୁନ୍ ଓ ସ୍କ୍ରିପ୍ଟ ପ୍ରସ୍ତୁତି - ଏ.କେ. ମିଶ୍ର ପରିଚାଳିତ
ଶୁକ୍ରବାର ଅପରାହ୍ନ ୫ଟାରେ ମହାକାଶରୁ ଉପଗ୍ରହ ଦ୍ୱାରା ଉଠାଯାଇଥିବା ଚିତ୍ର
ମାରିଆଙ୍କୁ ନୋବେଲ ...

ପୁରସ୍କାର ଘୋଷଣା କରିବାର ଠିକ ପୂର୍ବରୁ କମିଟି ମାଚାଡୋଙ୍କୁ ଟେଲିଫୋନ କରି ସୂଚନା ଦେଇଥିଲା । ସେ କହିଥିଲେ ଯେ ଏହି ପୁରସ୍କାର ଭେନେଜୁଏଲାର ସମସ୍ତ ଲୋକଙ୍କ ପାଇଁ । ଗଣତନ୍ତ୍ର ପାଇଁ ସଂଗ୍ରାମ ଜାରି ରହିବ । ବିଶ୍ୱବ୍ୟାପୀ ଏହି ଘୋଷଣାକୁ ସ୍ୱାଗତ କରାଯାଇଛି ।

ନୋବେଲ କମିଟି କହିଛି ଯେ ମାଚାଡୋ ଅନେକ ବର୍ଷ ଧରି ଗଣତାନ୍ତ୍ରିକ ଅଧିକାର ପାଇଁ ଶାନ୍ତିପୂର୍ଣ୍ଣ ଆନ୍ଦୋଳନ କରି ଆସୁଛନ୍ତି । ସେ ନିର୍ବାଚନରେ ଭାଗ ନେବାକୁ ବାରଣ କରାଯାଇଥିଲେ ସୁଦ୍ଧା ବିରୋଧୀ ଦଳକୁ ଏକଜୁଟ କରିଥିଲେ ।

ପୁରସ୍କାର ଘୋଷଣା ପରେ ଭେନେଜୁଏଲାର ରାଜଧାନୀ କାରାକାସରେ ସମର୍ଥକମାନେ ଖୁସି ପାଳନ କରିଛନ୍ତି । ଏହି ପୁରସ୍କାର ଡିସେମ୍ବର ୧୦ରେ ଅସ୍ଲୋରେ ପ୍ରଦାନ କରାଯିବ ।

ପ୍ରଥମ ପୃଷ୍ଠାରୁ...

ରାଜ୍ୟ ସରକାରଙ୍କ ପକ୍ଷରୁ ଏହି ଯୋଜନାକୁ କାର୍ଯ୍ୟକାରୀ କରିବା ପାଇଁ ସମସ୍ତ ପ୍ରସ୍ତୁତି କରାଯାଇଛି । କୃଷକମାନଙ୍କୁ ଏହାର ସୁବିଧା ମିଳିବ ବୋଲି ମୁଖ୍ୟମନ୍ତ୍ରୀ କହିଛନ୍ତି । ଜିଲ୍ଲାସ୍ତରରେ ମଧ୍ୟ କାର୍ଯ୍ୟକ୍ରମ ଆୟୋଜିତ ହେବ ।

ଏହି ଅବସରରେ କୃଷି ମନ୍ତ୍ରୀ କହିଛନ୍ତି ଯେ ଚାଷୀମାନଙ୍କ ଆୟ ବୃଦ୍ଧି ପାଇଁ ସରକାର ପ୍ରତିଶ୍ରୁତିବଦ୍ଧ । ଜଳସେଚନ, ଉନ୍ନତ ବିହନ ଓ ଋଣ ସୁବିଧା ଯୋଗାଇ ଦିଆଯିବ ।

ବିଭିନ୍ନ ଜିଲ୍ଲାରୁ ଆସିଥିବା ପ୍ରତିନିଧିମାନେ ମଧ୍ୟ ଏଥିରେ ଯୋଗ ଦେଇଥିଲେ । କାର୍ଯ୍ୟକ୍ରମକୁ ସମସ୍ତ ବ୍ଲକରେ ସିଧା ପ୍ରସାରଣ କରାଯାଇଥିଲା ।

ସବୁ ଚାଷୀଙ୍କ ଧାନ ...

କରାଯାଉଥିଲା । ଧାନ କିଣାବେଳେ ଏଥର ପ୍ରାୟ ୯୦ ଲକ୍ଷ ମେଟ୍ରିକ ଟନ ଧାନ କିଣାଯିବ ବୋଲି ଲକ୍ଷ୍ୟ ରଖାଯାଇଛି । କୌଣସି ଚାଷୀ ଅସୁବିଧାର ସମ୍ମୁଖୀନ ହେବେ ନାହିଁ ବୋଲି ସରକାର ସ୍ପଷ୍ଟ କରିଛନ୍ତି ।

ମଣ୍ଡିରେ ଟୋକନ ବ୍ୟବସ୍ଥା ଓ ଅନଲାଇନ ପଞ୍ଜୀକରଣ ସୁବିଧା ରହିବ । ଧାନର ମୂଲ୍ୟ ସିଧାସଳଖ ଚାଷୀଙ୍କ ବ୍ୟାଙ୍କ ଖାତାକୁ ଯିବ ।

ଜିଲ୍ଲାପାଳମାନଙ୍କୁ ଏ ନେଇ ନିର୍ଦ୍ଦେଶ ଦିଆଯାଇଛି । ଧାନ କିଣା ପ୍ରକ୍ରିୟା ଠିକ ଭାବେ ପରିଚାଳନା ପାଇଁ ସମସ୍ତ ବିଭାଗକୁ ସମନ୍ୱୟ ରକ୍ଷା କରିବାକୁ କୁହାଯାଇଛି ।

ଚାଷୀମାନେ ନିଜ ନିକଟସ୍ଥ ମଣ୍ଡିରେ ଧାନ ବିକ୍ରି କରିପାରିବେ । ଅସାଧୁ ବ୍ୟବସାୟୀଙ୍କ ବିରୁଦ୍ଧରେ କାର୍ଯ୍ୟାନୁଷ୍ଠାନ ନିଆଯିବ ।

ଚଳିତ ଖରିଫ ବର୍ଷରେ ରାଜ୍ୟରେ ଭଲ ଅମଳ ହୋଇଛି । ତେଣୁ ଅଧିକ ଧାନ କିଣା ହେବ ବୋଲି ଆଶା କରାଯାଉଛି । ଖାଦ୍ୟ ଯୋଗାଣ ମନ୍ତ୍ରୀ ଏହି ସୂଚନା ଦେଇଛନ୍ତି ।
